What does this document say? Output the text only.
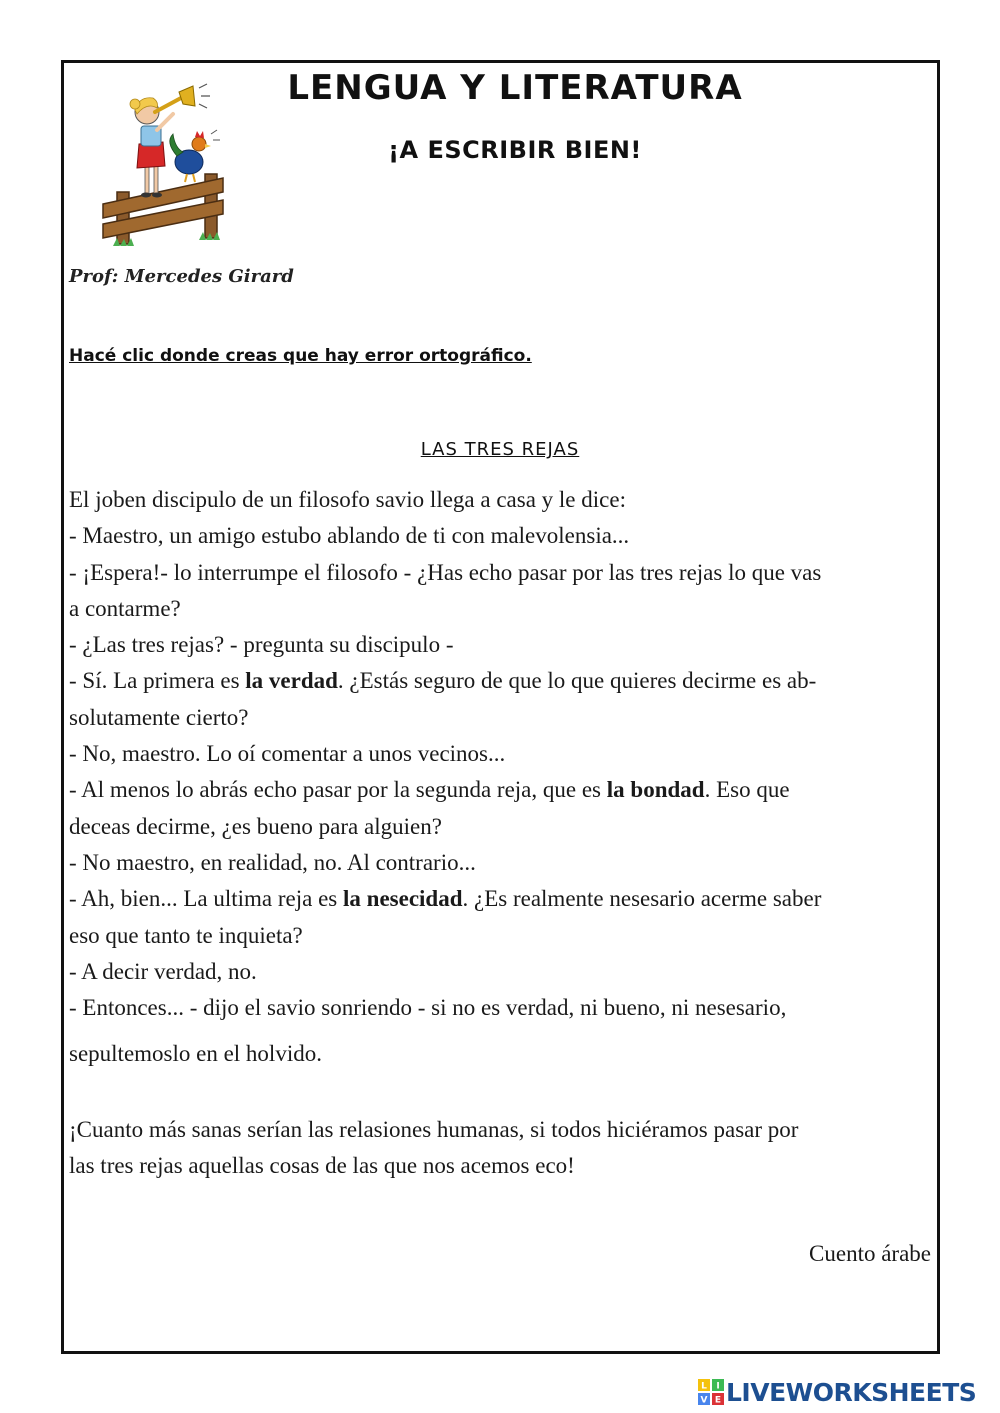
LENGUA Y LITERATURA
¡A ESCRIBIR BIEN!
Prof: Mercedes Girard
Hacé clic donde creas que hay error ortográfico.
LAS TRES REJAS

El joben discipulo de un filosofo savio llega a casa y le dice:

- Maestro, un amigo estubo ablando de ti con malevolensia...

- ¡Espera!- lo interrumpe el filosofo - ¿Has echo pasar por las tres rejas lo que vas

a contarme?

- ¿Las tres rejas? - pregunta su discipulo -

- Sí. La primera es la verdad. ¿Estás seguro de que lo que quieres decirme es ab-

solutamente cierto?

- No, maestro. Lo oí comentar a unos vecinos...

- Al menos lo abrás echo pasar por la segunda reja, que es la bondad. Eso que

deceas decirme, ¿es bueno para alguien?

- No maestro, en realidad, no. Al contrario...

- Ah, bien... La ultima reja es la nesecidad. ¿Es realmente nesesario acerme saber

eso que tanto te inquieta?

- A decir verdad, no.

- Entonces... - dijo el savio sonriendo - si no es verdad, ni bueno, ni nesesario,

sepultemoslo en el holvido.

¡Cuanto más sanas serían las relasiones humanas, si todos hiciéramos pasar por

las tres rejas aquellas cosas de las que nos acemos eco!

Cuento árabe
L I
V E LIVEWORKSHEETS
